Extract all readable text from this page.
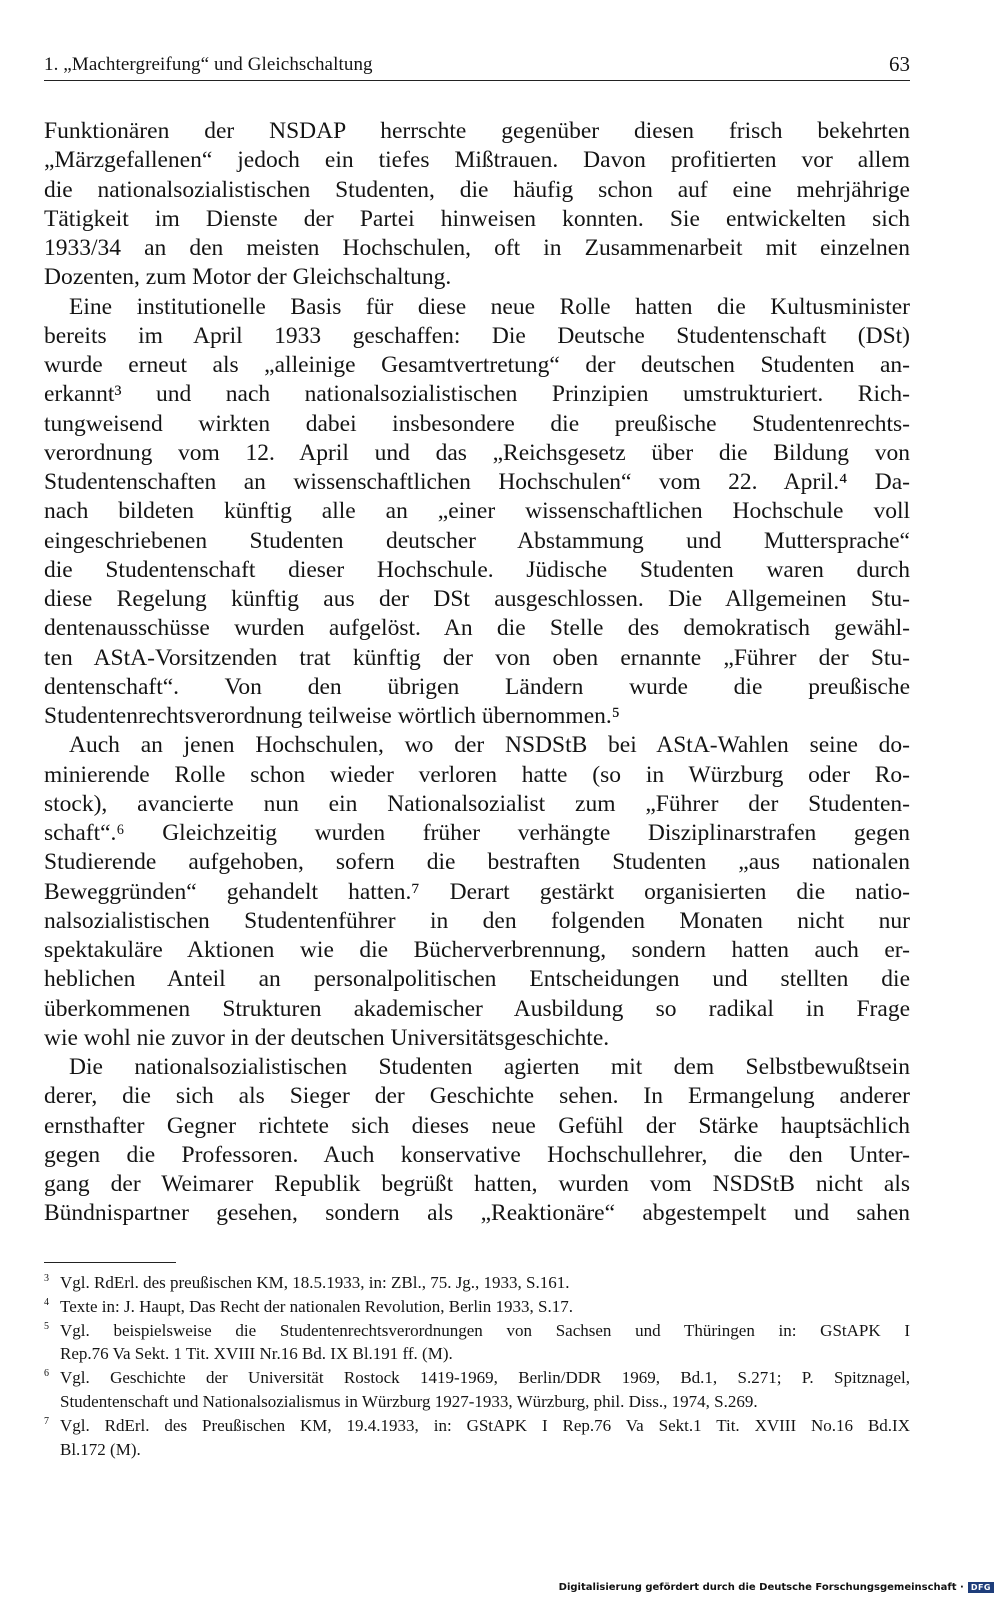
1. „Machtergreifung“ und Gleichschaltung	63
Funktionären der NSDAP herrschte gegenüber diesen frisch bekehrten
„Märzgefallenen“ jedoch ein tiefes Mißtrauen. Davon profitierten vor allem
die nationalsozialistischen Studenten, die häufig schon auf eine mehrjährige
Tätigkeit im Dienste der Partei hinweisen konnten. Sie entwickelten sich
1933/34 an den meisten Hochschulen, oft in Zusammenarbeit mit einzelnen
Dozenten, zum Motor der Gleichschaltung.
Eine institutionelle Basis für diese neue Rolle hatten die Kultusminister
bereits im April 1933 geschaffen: Die Deutsche Studentenschaft (DSt)
wurde erneut als „alleinige Gesamtvertretung“ der deutschen Studenten an-
erkannt³ und nach nationalsozialistischen Prinzipien umstrukturiert. Rich-
tungweisend wirkten dabei insbesondere die preußische Studentenrechts-
verordnung vom 12. April und das „Reichsgesetz über die Bildung von
Studentenschaften an wissenschaftlichen Hochschulen“ vom 22. April.⁴ Da-
nach bildeten künftig alle an „einer wissenschaftlichen Hochschule voll
eingeschriebenen Studenten deutscher Abstammung und Muttersprache“
die Studentenschaft dieser Hochschule. Jüdische Studenten waren durch
diese Regelung künftig aus der DSt ausgeschlossen. Die Allgemeinen Stu-
dentenausschüsse wurden aufgelöst. An die Stelle des demokratisch gewähl-
ten AStA-Vorsitzenden trat künftig der von oben ernannte „Führer der Stu-
dentenschaft“. Von den übrigen Ländern wurde die preußische
Studentenrechtsverordnung teilweise wörtlich übernommen.⁵
Auch an jenen Hochschulen, wo der NSDStB bei AStA-Wahlen seine do-
minierende Rolle schon wieder verloren hatte (so in Würzburg oder Ro-
stock), avancierte nun ein Nationalsozialist zum „Führer der Studenten-
schaft“.⁶ Gleichzeitig wurden früher verhängte Disziplinarstrafen gegen
Studierende aufgehoben, sofern die bestraften Studenten „aus nationalen
Beweggründen“ gehandelt hatten.⁷ Derart gestärkt organisierten die natio-
nalsozialistischen Studentenführer in den folgenden Monaten nicht nur
spektakuläre Aktionen wie die Bücherverbrennung, sondern hatten auch er-
heblichen Anteil an personalpolitischen Entscheidungen und stellten die
überkommenen Strukturen akademischer Ausbildung so radikal in Frage
wie wohl nie zuvor in der deutschen Universitätsgeschichte.
Die nationalsozialistischen Studenten agierten mit dem Selbstbewußtsein
derer, die sich als Sieger der Geschichte sehen. In Ermangelung anderer
ernsthafter Gegner richtete sich dieses neue Gefühl der Stärke hauptsächlich
gegen die Professoren. Auch konservative Hochschullehrer, die den Unter-
gang der Weimarer Republik begrüßt hatten, wurden vom NSDStB nicht als
Bündnispartner gesehen, sondern als „Reaktionäre“ abgestempelt und sahen
3 Vgl. RdErl. des preußischen KM, 18.5.1933, in: ZBl., 75. Jg., 1933, S.161.
4 Texte in: J. Haupt, Das Recht der nationalen Revolution, Berlin 1933, S.17.
5 Vgl. beispielsweise die Studentenrechtsverordnungen von Sachsen und Thüringen in: GStAPK I
Rep.76 Va Sekt. 1 Tit. XVIII Nr.16 Bd. IX Bl.191 ff. (M).
6 Vgl. Geschichte der Universität Rostock 1419-1969, Berlin/DDR 1969, Bd.1, S.271; P. Spitznagel,
Studentenschaft und Nationalsozialismus in Würzburg 1927-1933, Würzburg, phil. Diss., 1974, S.269.
7 Vgl. RdErl. des Preußischen KM, 19.4.1933, in: GStAPK I Rep.76 Va Sekt.1 Tit. XVIII No.16 Bd.IX
Bl.172 (M).
Digitalisierung gefördert durch die Deutsche Forschungsgemeinschaft · DFG
